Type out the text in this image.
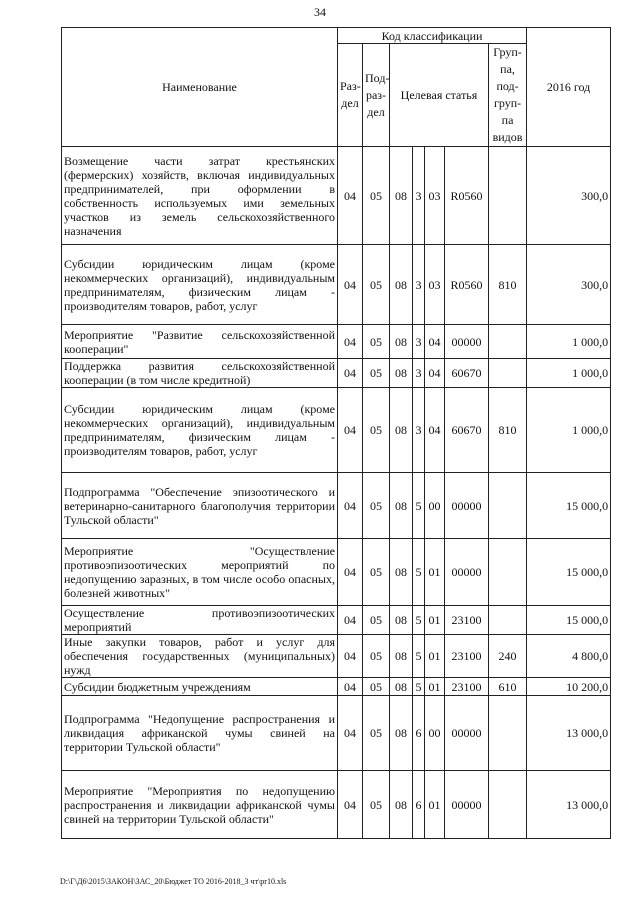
34
Наименование	Код классификации							2016 год
	Раз-дел	Под-раз-дел	Целевая статья				Груп-па, под-груп-па видов	
Возмещение части затрат крестьянских (фермерских) хозяйств, включая индивидуальных предпринимателей, при оформлении в собственность используемых ими земельных участков из земель сельскохозяйственного назначения	04	05	08	3	03	R0560		300,0
Субсидии юридическим лицам (кроме некоммерческих организаций), индивидуальным предпринимателям, физическим лицам - производителям товаров, работ, услуг	04	05	08	3	03	R0560	810	300,0
Мероприятие "Развитие сельскохозяйственной кооперации"	04	05	08	3	04	00000		1 000,0
Поддержка развития сельскохозяйственной кооперации (в том числе кредитной)	04	05	08	3	04	60670		1 000,0
Субсидии юридическим лицам (кроме некоммерческих организаций), индивидуальным предпринимателям, физическим лицам - производителям товаров, работ, услуг	04	05	08	3	04	60670	810	1 000,0
Подпрограмма "Обеспечение эпизоотического и ветеринарно-санитарного благополучия территории Тульской области"	04	05	08	5	00	00000		15 000,0
Мероприятие "Осуществление противоэпизоотических мероприятий по недопущению заразных, в том числе особо опасных, болезней животных"	04	05	08	5	01	00000		15 000,0
Осуществление противоэпизоотических мероприятий	04	05	08	5	01	23100		15 000,0
Иные закупки товаров, работ и услуг для обеспечения государственных (муниципальных) нужд	04	05	08	5	01	23100	240	4 800,0
Субсидии бюджетным учреждениям	04	05	08	5	01	23100	610	10 200,0
Подпрограмма "Недопущение распространения и ликвидация африканской чумы свиней на территории Тульской области"	04	05	08	6	00	00000		13 000,0
Мероприятие "Мероприятия по недопущению распространения и ликвидации африканской чумы свиней на территории Тульской области"	04	05	08	6	01	00000		13 000,0
D:\Г\Д6\2015\ЗАКОН\ЗАС_20\Бюджет ТО 2016-2018_3 чт\pr10.xls
